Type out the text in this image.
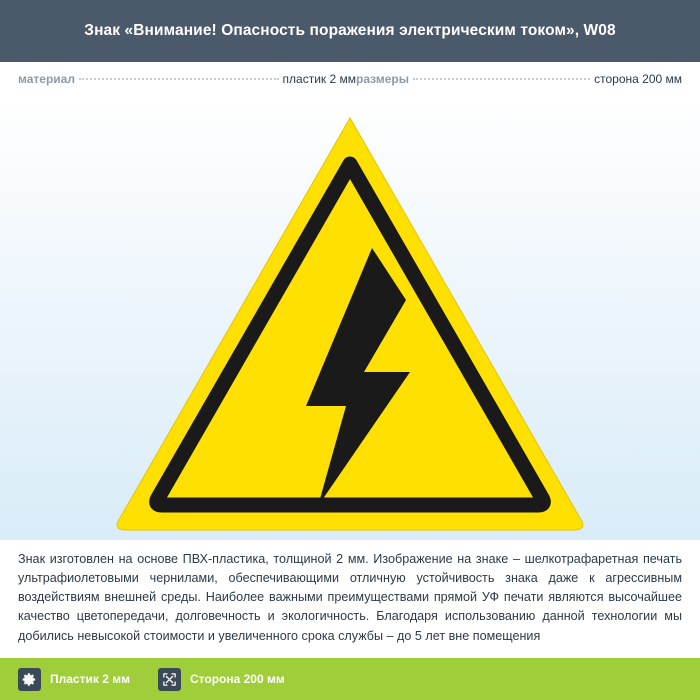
Знак «Внимание! Опасность поражения электрическим током», W08
материал	пластик 2 мм размеры	сторона 200 мм

Знак изготовлен на основе ПВХ-пластика, толщиной 2 мм. Изображение на знаке – шелкотрафаретная печать ультрафиолетовыми чернилами, обеспечивающими отличную устойчивость знака даже к агрессивным воздействиям внешней среды. Наиболее важными преимуществами прямой УФ печати являются высочайшее качество цветопередачи, долговечность и экологичность. Благодаря использованию данной технологии мы добились невысокой стоимости и увеличенного срока службы – до 5 лет вне помещения

Пластик 2 мм	Сторона 200 мм
